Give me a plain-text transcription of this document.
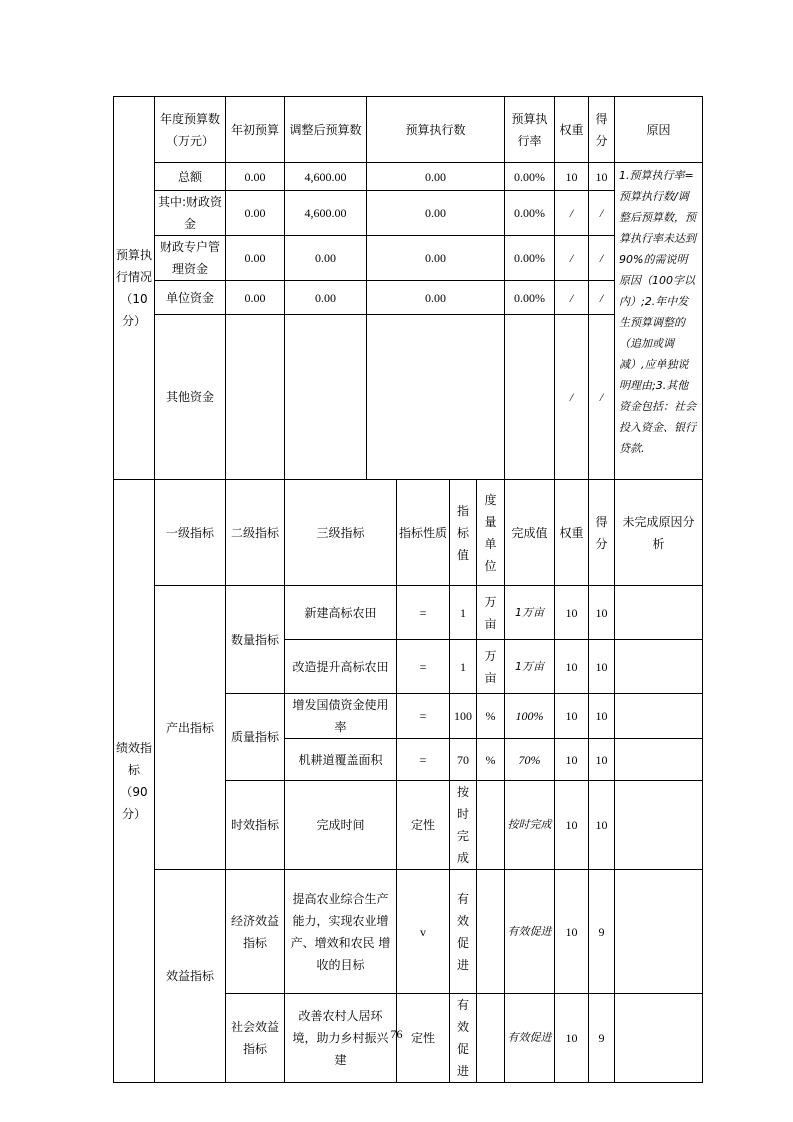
预算执行情况（10分）	年度预算数（万元）	年初预算	调整后预算数	预算执行数				预算执行率	权重	得分	原因
	总额	0.00	4,600.00	0.00				0.00%	10	10	1.预算执行率=预算执行数/调整后预算数，预算执行率未达到90%的需说明原因（100字以内）;2.年中发生预算调整的（追加或调减）,应单独说明理由;3.其他资金包括：社会投入资金、银行贷款.
	其中:财政资金	0.00	4,600.00	0.00				0.00%	/	/	
	财政专户管理资金	0.00	0.00	0.00				0.00%	/	/	
	单位资金	0.00	0.00	0.00				0.00%	/	/	
	其他资金								/	/	
绩效指标（90分）	一级指标	二级指标	三级指标		指标性质	指标值	度量单位	完成值	权重	得分	未完成原因分析
	产出指标	数量指标	新建高标农田		=	1	万亩	1万亩	10	10	
			改造提升高标农田		=	1	万亩	1万亩	10	10	
		质量指标	增发国债资金使用率		=	100	%	100%	10	10	
			机耕道覆盖面积		=	70	%	70%	10	10	
		时效指标	完成时间		定性	按时完成		按时完成	10	10	
	效益指标	经济效益指标	提高农业综合生产能力，实现农业增产、增效和农民 增收的目标		v	有效促进		有效促进	10	9	
		社会效益指标	改善农村人居环境，助力乡村振兴建		定性	有效促进		有效促进	10	9	
76
